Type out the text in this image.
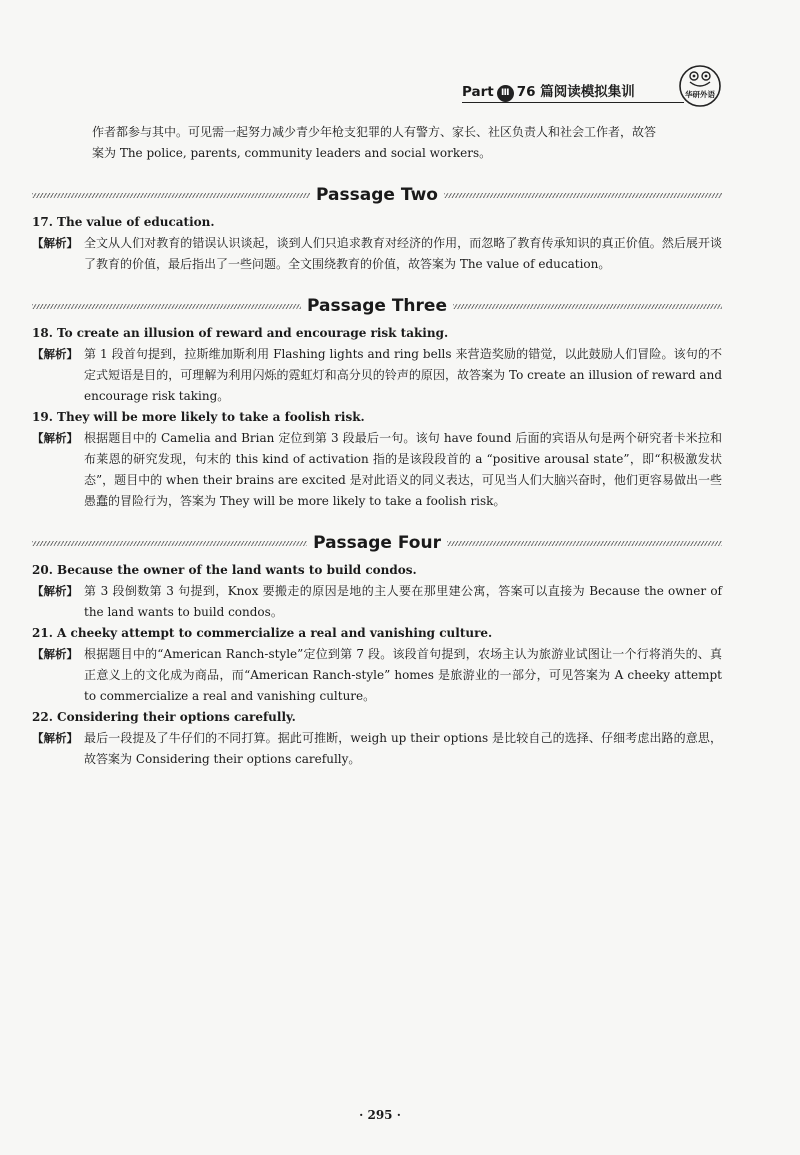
Part Ⅲ 76 篇阅读模拟集训	华研外语

作者都参与其中。可见需一起努力减少青少年枪支犯罪的人有警方、家长、社区负责人和社会工作者，故答

案为 The police, parents, community leaders and social workers。

Passage Two

17. The value of education.

【解析】 全文从人们对教育的错误认识谈起，谈到人们只追求教育对经济的作用，而忽略了教育传承知识的真正价值。然后展开谈了教育的价值，最后指出了一些问题。全文围绕教育的价值，故答案为 The value of education。

Passage Three

18. To create an illusion of reward and encourage risk taking.

【解析】 第 1 段首句提到，拉斯维加斯利用 Flashing lights and ring bells 来营造奖励的错觉，以此鼓励人们冒险。该句的不定式短语是目的，可理解为利用闪烁的霓虹灯和高分贝的铃声的原因，故答案为 To create an illusion of reward and encourage risk taking。

19. They will be more likely to take a foolish risk.

【解析】 根据题目中的 Camelia and Brian 定位到第 3 段最后一句。该句 have found 后面的宾语从句是两个研究者卡米拉和布莱恩的研究发现，句末的 this kind of activation 指的是该段段首的 a “positive arousal state”，即“积极激发状态”，题目中的 when their brains are excited 是对此语义的同义表达，可见当人们大脑兴奋时，他们更容易做出一些愚蠢的冒险行为，答案为 They will be more likely to take a foolish risk。

Passage Four

20. Because the owner of the land wants to build condos.

【解析】 第 3 段倒数第 3 句提到，Knox 要搬走的原因是地的主人要在那里建公寓，答案可以直接为 Because the owner of the land wants to build condos。

21. A cheeky attempt to commercialize a real and vanishing culture.

【解析】 根据题目中的“American Ranch-style”定位到第 7 段。该段首句提到，农场主认为旅游业试图让一个行将消失的、真正意义上的文化成为商品，而“American Ranch-style” homes 是旅游业的一部分，可见答案为 A cheeky attempt to commercialize a real and vanishing culture。

22. Considering their options carefully.

【解析】 最后一段提及了牛仔们的不同打算。据此可推断，weigh up their options 是比较自己的选择、仔细考虑出路的意思，故答案为 Considering their options carefully。

· 295 ·
